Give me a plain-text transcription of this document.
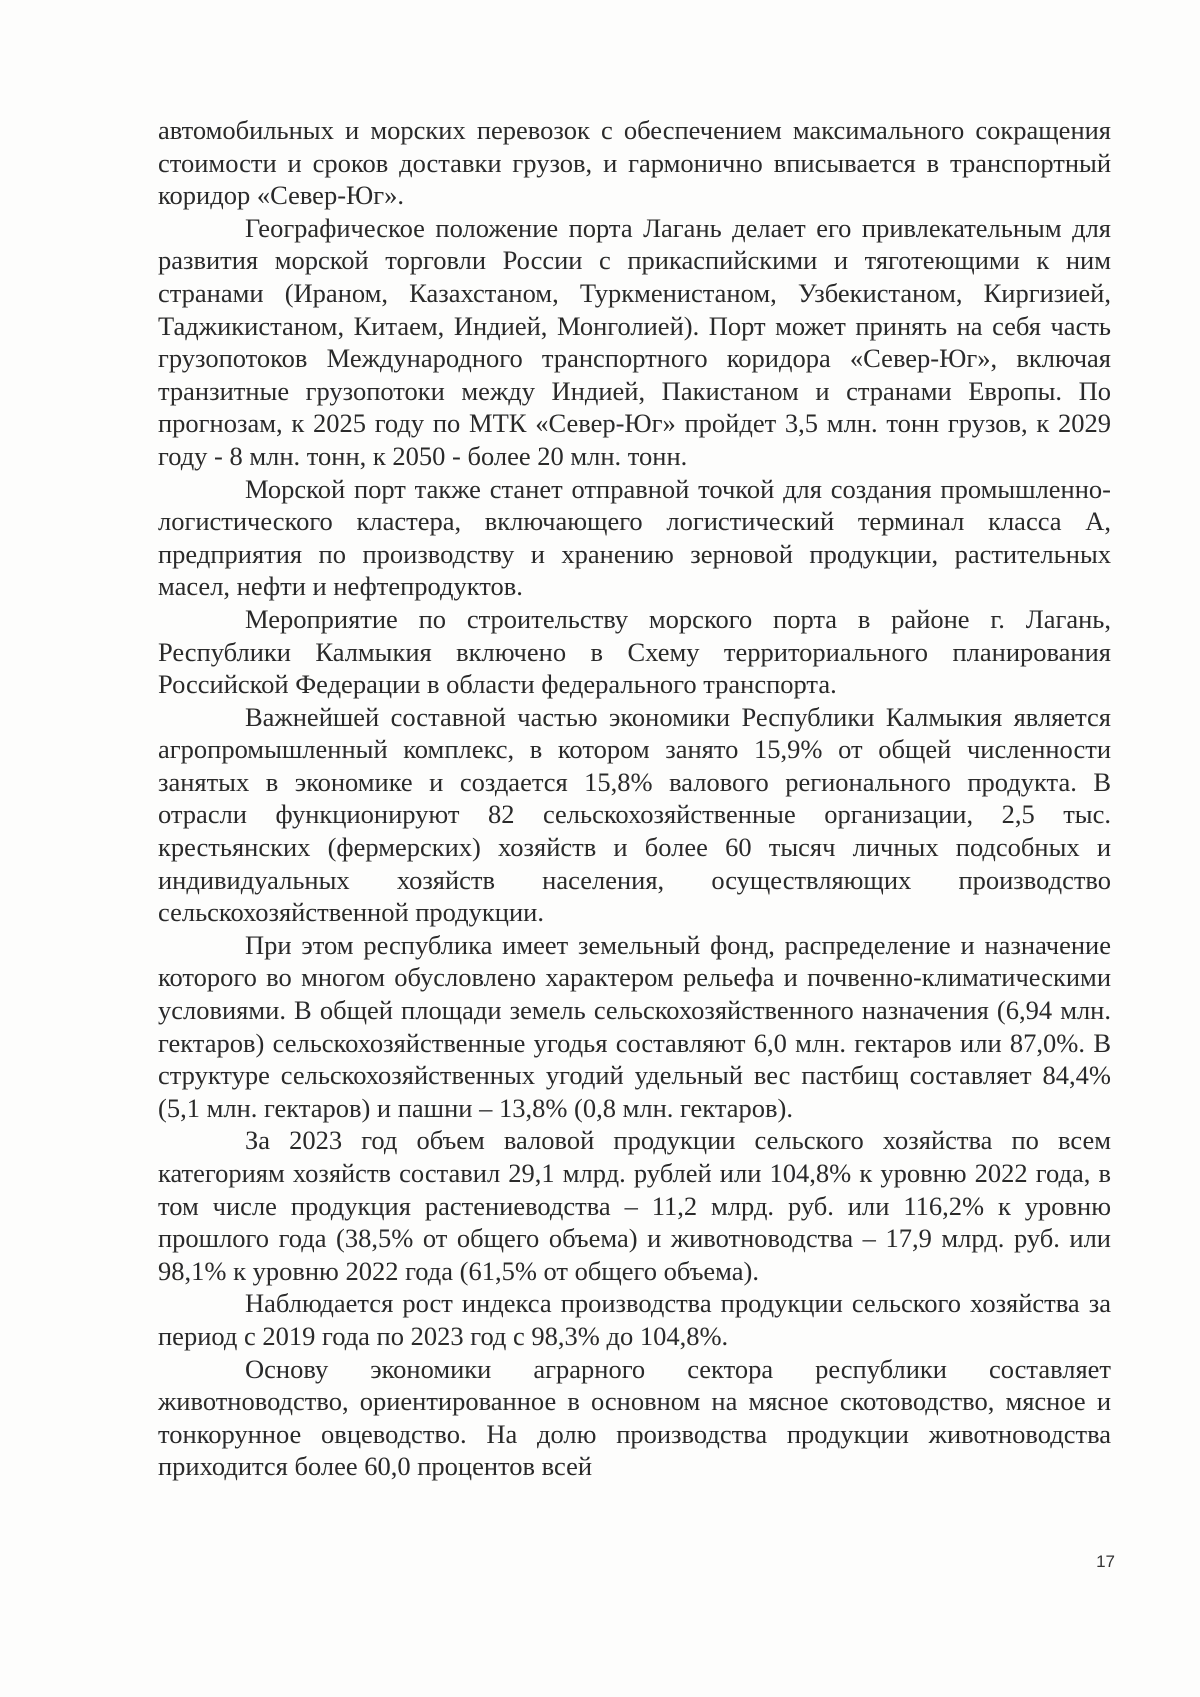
автомобильных и морских перевозок с обеспечением максимального сокращения стоимости и сроков доставки грузов, и гармонично вписывается в транспортный коридор «Север-Юг».

Географическое положение порта Лагань делает его привлекательным для развития морской торговли России с прикаспийскими и тяготеющими к ним странами (Ираном, Казахстаном, Туркменистаном, Узбекистаном, Киргизией, Таджикистаном, Китаем, Индией, Монголией). Порт может принять на себя часть грузопотоков Международного транспортного коридора «Север-Юг», включая транзитные грузопотоки между Индией, Пакистаном и странами Европы. По прогнозам, к 2025 году по МТК «Север-Юг» пройдет 3,5 млн. тонн грузов, к 2029 году - 8 млн. тонн, к 2050 - более 20 млн. тонн.

Морской порт также станет отправной точкой для создания промышленно-логистического кластера, включающего логистический терминал класса А, предприятия по производству и хранению зерновой продукции, растительных масел, нефти и нефтепродуктов.

Мероприятие по строительству морского порта в районе г. Лагань, Республики Калмыкия включено в Схему территориального планирования Российской Федерации в области федерального транспорта.

Важнейшей составной частью экономики Республики Калмыкия является агропромышленный комплекс, в котором занято 15,9% от общей численности занятых в экономике и создается 15,8% валового регионального продукта. В отрасли функционируют 82 сельскохозяйственные организации, 2,5 тыс. крестьянских (фермерских) хозяйств и более 60 тысяч личных подсобных и индивидуальных хозяйств населения, осуществляющих производство сельскохозяйственной продукции.

При этом республика имеет земельный фонд, распределение и назначение которого во многом обусловлено характером рельефа и почвенно-климатическими условиями. В общей площади земель сельскохозяйственного назначения (6,94 млн. гектаров) сельскохозяйственные угодья составляют 6,0 млн. гектаров или 87,0%. В структуре сельскохозяйственных угодий удельный вес пастбищ составляет 84,4% (5,1 млн. гектаров) и пашни – 13,8% (0,8 млн. гектаров).

За 2023 год объем валовой продукции сельского хозяйства по всем категориям хозяйств составил 29,1 млрд. рублей или 104,8% к уровню 2022 года, в том числе продукция растениеводства – 11,2 млрд. руб. или 116,2% к уровню прошлого года (38,5% от общего объема) и животноводства – 17,9 млрд. руб. или 98,1% к уровню 2022 года (61,5% от общего объема).

Наблюдается рост индекса производства продукции сельского хозяйства за период с 2019 года по 2023 год с 98,3% до 104,8%.

Основу экономики аграрного сектора республики составляет животноводство, ориентированное в основном на мясное скотоводство, мясное и тонкорунное овцеводство. На долю производства продукции животноводства приходится более 60,0 процентов всей

17
